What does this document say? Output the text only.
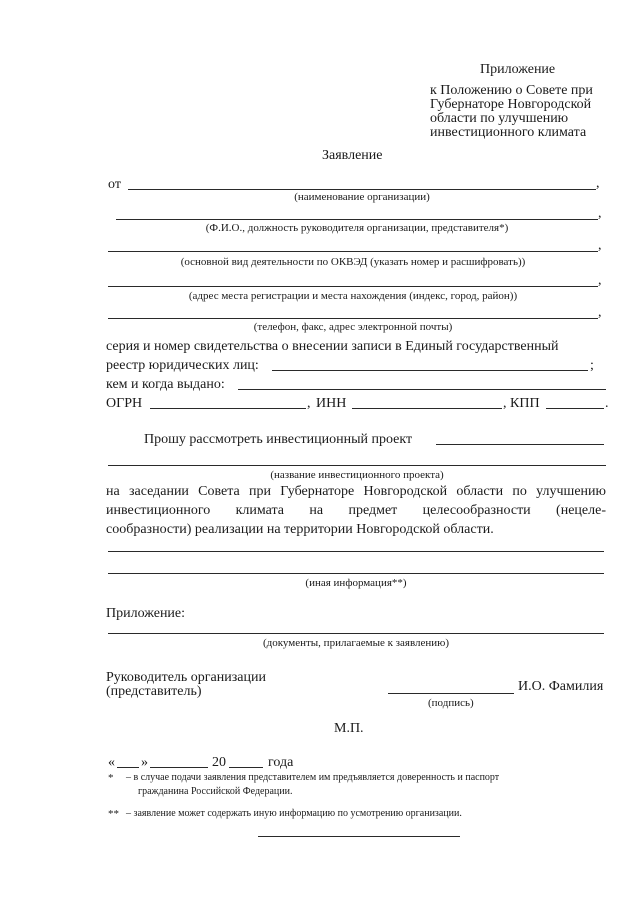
Приложение
к Положению о Совете при
Губернаторе Новгородской
области по улучшению
инвестиционного климата
Заявление
от	,
(наименование организации)
,
(Ф.И.О., должность руководителя организации, представителя*)
,
(основной вид деятельности по ОКВЭД (указать номер и расшифровать))
,
(адрес места регистрации и места нахождения (индекс, город, район))
,
(телефон, факс, адрес электронной почты)
серия и номер свидетельства о внесении записи в Единый государственный
реестр юридических лиц:	;
кем и когда выдано:
ОГРН	, ИНН	, КПП	.
Прошу рассмотреть инвестиционный проект
(название инвестиционного проекта)
на заседании Совета при Губернаторе Новгородской области по улучшению
инвестиционного климата на предмет целесообразности (нецеле-
сообразности) реализации на территории Новгородской области.
(иная информация**)
Приложение:
(документы, прилагаемые к заявлению)
Руководитель организации
(представитель)	И.О. Фамилия
(подпись)
М.П.
« »	20	года
* – в случае подачи заявления представителем им предъявляется доверенность и паспорт
гражданина Российской Федерации.
** – заявление может содержать иную информацию по усмотрению организации.
